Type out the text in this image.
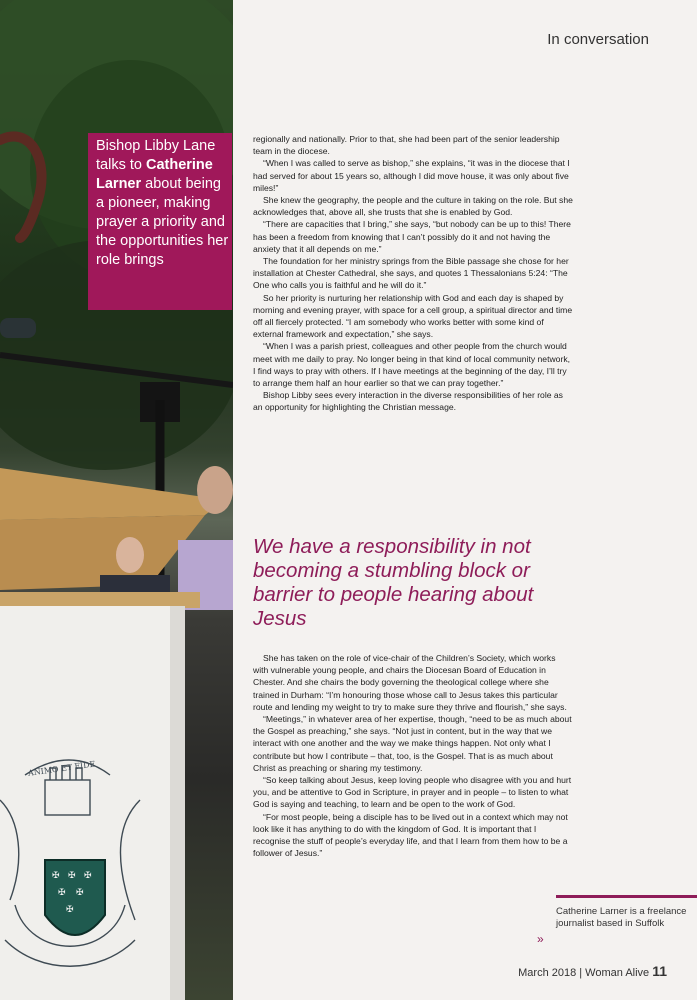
✠ ✠ ✠
✠ ✠
✠
ANIMO ET FIDE
In conversation
Bishop Libby Lane talks to Catherine Larner about being a pioneer, making prayer a priority and the opportunities her role brings

regionally and nationally. Prior to that, she had been part of the senior leadership team in the diocese.

“When I was called to serve as bishop,” she explains, “it was in the diocese that I had served for about 15 years so, although I did move house, it was only about five miles!”

She knew the geography, the people and the culture in taking on the role. But she acknowledges that, above all, she trusts that she is enabled by God.

“There are capacities that I bring,” she says, “but nobody can be up to this! There has been a freedom from knowing that I can’t possibly do it and not having the anxiety that it all depends on me.”

The foundation for her ministry springs from the Bible passage she chose for her installation at Chester Cathedral, she says, and quotes 1 Thessalonians 5:24: “The One who calls you is faithful and he will do it.”

So her priority is nurturing her relationship with God and each day is shaped by morning and evening prayer, with space for a cell group, a spiritual director and time off all fiercely protected. “I am somebody who works better with some kind of external framework and expectation,” she says.

“When I was a parish priest, colleagues and other people from the church would meet with me daily to pray. No longer being in that kind of local community network, I find ways to pray with others. If I have meetings at the beginning of the day, I’ll try to arrange them half an hour earlier so that we can pray together.”

Bishop Libby sees every interaction in the diverse responsibilities of her role as an opportunity for highlighting the Christian message.

We have a responsibility in not becoming a stumbling block or barrier to people hearing about Jesus

She has taken on the role of vice-chair of the Children’s Society, which works with vulnerable young people, and chairs the Diocesan Board of Education in Chester. And she chairs the body governing the theological college where she trained in Durham: “I’m honouring those whose call to Jesus takes this particular route and lending my weight to try to make sure they thrive and flourish,” she says.

“Meetings,” in whatever area of her expertise, though, “need to be as much about the Gospel as preaching,” she says. “Not just in content, but in the way that we interact with one another and the way we make things happen. Not only what I contribute but how I contribute – that, too, is the Gospel. That is as much about Christ as preaching or sharing my testimony.

“So keep talking about Jesus, keep loving people who disagree with you and hurt you, and be attentive to God in Scripture, in prayer and in people – to listen to what God is saying and teaching, to learn and be open to the work of God.

“For most people, being a disciple has to be lived out in a context which may not look like it has anything to do with the kingdom of God. It is important that I recognise the stuff of people’s everyday life, and that I learn from them how to be a follower of Jesus.”

»
Catherine Larner is a freelance journalist based in Suffolk
March 2018 | Woman Alive 11
